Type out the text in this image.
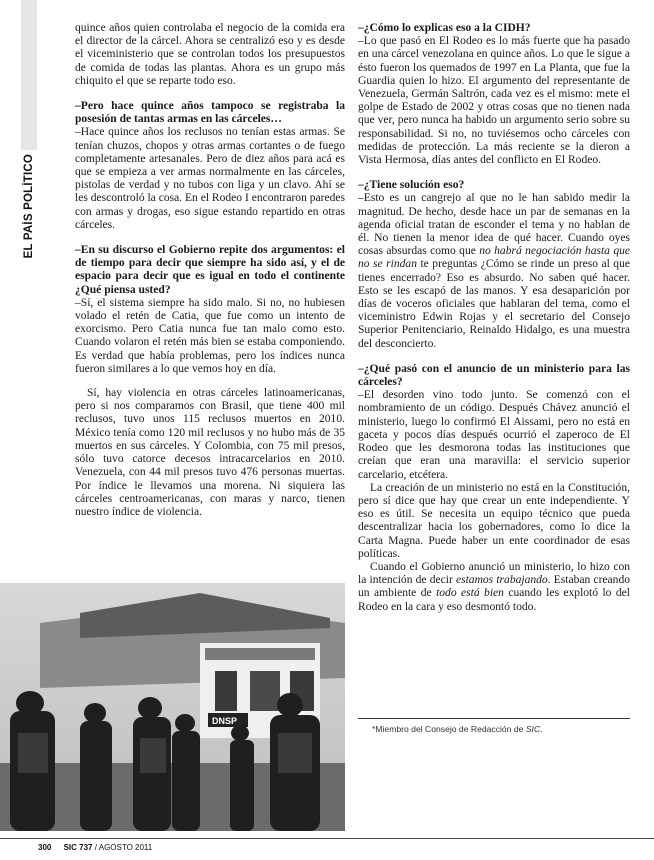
EL PAÍS POLÍTICO

quince años quien controlaba el negocio de la comida era el director de la cárcel. Ahora se centralizó eso y es desde el viceministerio que se controlan todos los presupuestos de comida de todas las plantas. Ahora es un grupo más chiquito el que se reparte todo eso.

–Pero hace quince años tampoco se registraba la posesión de tantas armas en las cárceles…

–Hace quince años los reclusos no tenían estas armas. Se tenían chuzos, chopos y otras armas cortantes o de fuego completamente artesanales. Pero de diez años para acá es que se empieza a ver armas normalmente en las cárceles, pistolas de verdad y no tubos con liga y un clavo. Ahí se les descontroló la cosa. En el Rodeo I encontraron paredes con armas y drogas, eso sigue estando repartido en otras cárceles.

–En su discurso el Gobierno repite dos argumentos: el de tiempo para decir que siempre ha sido así, y el de espacio para decir que es igual en todo el continente ¿Qué piensa usted?

–Sí, el sistema siempre ha sido malo. Si no, no hubiesen volado el retén de Catia, que fue como un intento de exorcismo. Pero Catia nunca fue tan malo como esto. Cuando volaron el retén más bien se estaba componiendo. Es verdad que había problemas, pero los índices nunca fueron similares a lo que vemos hoy en día.

Sí, hay violencia en otras cárceles latinoamericanas, pero si nos comparamos con Brasil, que tiene 400 mil reclusos, tuvo unos 115 reclusos muertos en 2010. México tenía como 120 mil reclusos y no hubo más de 35 muertos en sus cárceles. Y Colombia, con 75 mil presos, sólo tuvo catorce decesos intracarcelarios en 2010. Venezuela, con 44 mil presos tuvo 476 personas muertas. Por índice le llevamos una morena. Ni siquiera las cárceles centroamericanas, con maras y narco, tienen nuestro índice de violencia.

DNSP

–¿Cómo lo explicas eso a la CIDH?

–Lo que pasó en El Rodeo es lo más fuerte que ha pasado en una cárcel venezolana en quince años. Lo que le sigue a ésto fueron los quemados de 1997 en La Planta, que fue la Guardia quien lo hizo. El argumento del representante de Venezuela, Germán Saltrón, cada vez es el mismo: mete el golpe de Estado de 2002 y otras cosas que no tienen nada que ver, pero nunca ha habido un argumento serio sobre su responsabilidad. Si no, no tuviésemos ocho cárceles con medidas de protección. La más reciente se la dieron a Vista Hermosa, días antes del conflicto en El Rodeo.

–¿Tiene solución eso?

–Esto es un cangrejo al que no le han sabido medir la magnitud. De hecho, desde hace un par de semanas en la agenda oficial tratan de esconder el tema y no hablan de él. No tienen la menor idea de qué hacer. Cuando oyes cosas absurdas como que no habrá negociación hasta que no se rindan te preguntas ¿Cómo se rinde un preso al que tienes encerrado? Eso es absurdo. No saben qué hacer. Esto se les escapó de las manos. Y esa desaparición por días de voceros oficiales que hablaran del tema, como el viceministro Edwin Rojas y el secretario del Consejo Superior Penitenciario, Reinaldo Hidalgo, es una muestra del desconcierto.

–¿Qué pasó con el anuncio de un ministerio para las cárceles?

–El desorden vino todo junto. Se comenzó con el nombramiento de un código. Después Chávez anunció el ministerio, luego lo confirmó El Aissami, pero no está en gaceta y pocos días después ocurrió el zaperoco de El Rodeo que les desmorona todas las instituciones que creían que eran una maravilla: el servicio superior carcelario, etcétera.

La creación de un ministerio no está en la Constitución, pero sí dice que hay que crear un ente independiente. Y eso es útil. Se necesita un equipo técnico que pueda descentralizar hacia los gobernadores, como lo dice la Carta Magna. Puede haber un ente coordinador de esas políticas.

Cuando el Gobierno anunció un ministerio, lo hizo con la intención de decir estamos trabajando. Estaban creando un ambiente de todo está bien cuando les explotó lo del Rodeo en la cara y eso desmontó todo.

*Miembro del Consejo de Redacción de SIC.
300 SIC 737 / AGOSTO 2011
